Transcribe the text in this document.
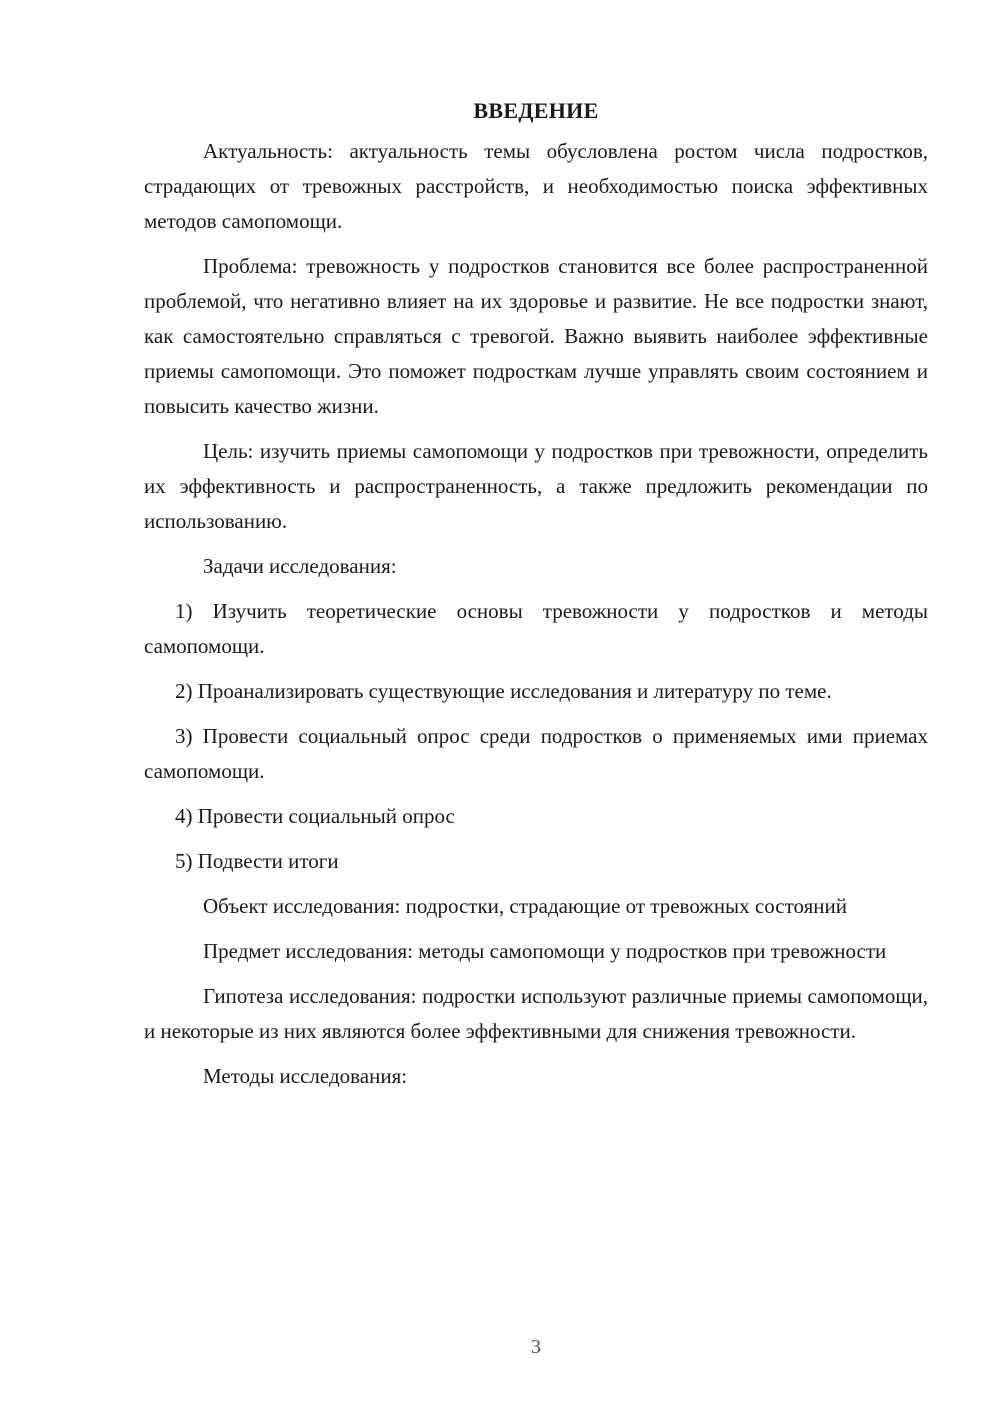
ВВЕДЕНИЕ

Актуальность: актуальность темы обусловлена ростом числа подростков, страдающих от тревожных расстройств, и необходимостью поиска эффективных методов самопомощи.

Проблема: тревожность у подростков становится все более распространенной проблемой, что негативно влияет на их здоровье и развитие. Не все подростки знают, как самостоятельно справляться с тревогой. Важно выявить наиболее эффективные приемы самопомощи. Это поможет подросткам лучше управлять своим состоянием и повысить качество жизни.

Цель: изучить приемы самопомощи у подростков при тревожности, определить их эффективность и распространенность, а также предложить рекомендации по использованию.

Задачи исследования:

1) Изучить теоретические основы тревожности у подростков и методы самопомощи.

2) Проанализировать существующие исследования и литературу по теме.

3) Провести социальный опрос среди подростков о применяемых ими приемах самопомощи.

4) Провести социальный опрос

5) Подвести итоги

Объект исследования: подростки, страдающие от тревожных состояний

Предмет исследования: методы самопомощи у подростков при тревожности

Гипотеза исследования: подростки используют различные приемы самопомощи, и некоторые из них являются более эффективными для снижения тревожности.

Методы исследования:

3
